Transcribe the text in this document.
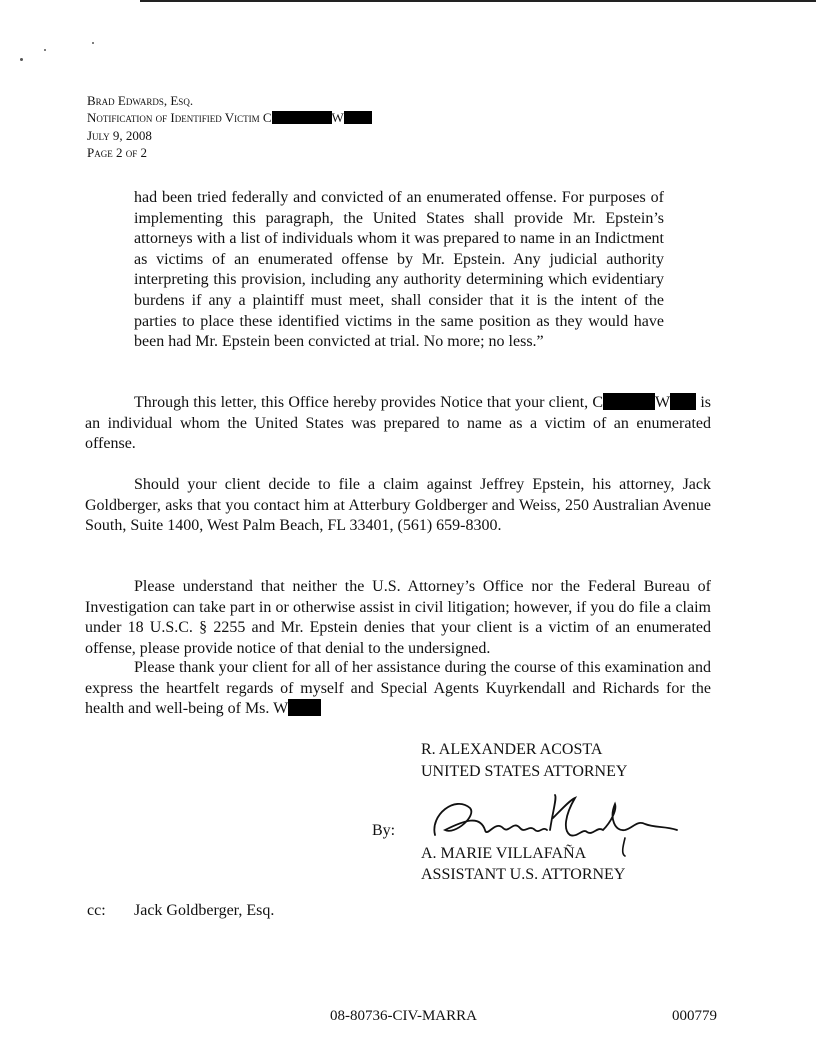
Brad Edwards, Esq.
Notification of Identified Victim C	W
July 9, 2008
Page 2 of 2
had been tried federally and convicted of an enumerated offense. For purposes of implementing this paragraph, the United States shall provide Mr. Epstein’s attorneys with a list of individuals whom it was prepared to name in an Indictment as victims of an enumerated offense by Mr. Epstein. Any judicial authority interpreting this provision, including any authority determining which evidentiary burdens if any a plaintiff must meet, shall consider that it is the intent of the parties to place these identified victims in the same position as they would have been had Mr. Epstein been convicted at trial. No more; no less.”
Through this letter, this Office hereby provides Notice that your client, C	W is an individual whom the United States was prepared to name as a victim of an enumerated offense.
Should your client decide to file a claim against Jeffrey Epstein, his attorney, Jack Goldberger, asks that you contact him at Atterbury Goldberger and Weiss, 250 Australian Avenue South, Suite 1400, West Palm Beach, FL 33401, (561) 659-8300.
Please understand that neither the U.S. Attorney’s Office nor the Federal Bureau of Investigation can take part in or otherwise assist in civil litigation; however, if you do file a claim under 18 U.S.C. § 2255 and Mr. Epstein denies that your client is a victim of an enumerated offense, please provide notice of that denial to the undersigned.
Please thank your client for all of her assistance during the course of this examination and express the heartfelt regards of myself and Special Agents Kuyrkendall and Richards for the health and well-being of Ms. W
R. ALEXANDER ACOSTA
UNITED STATES ATTORNEY
By:
A. MARIE VILLAFAÑA
ASSISTANT U.S. ATTORNEY
cc: Jack Goldberger, Esq.
08-80736-CIV-MARRA	000779
